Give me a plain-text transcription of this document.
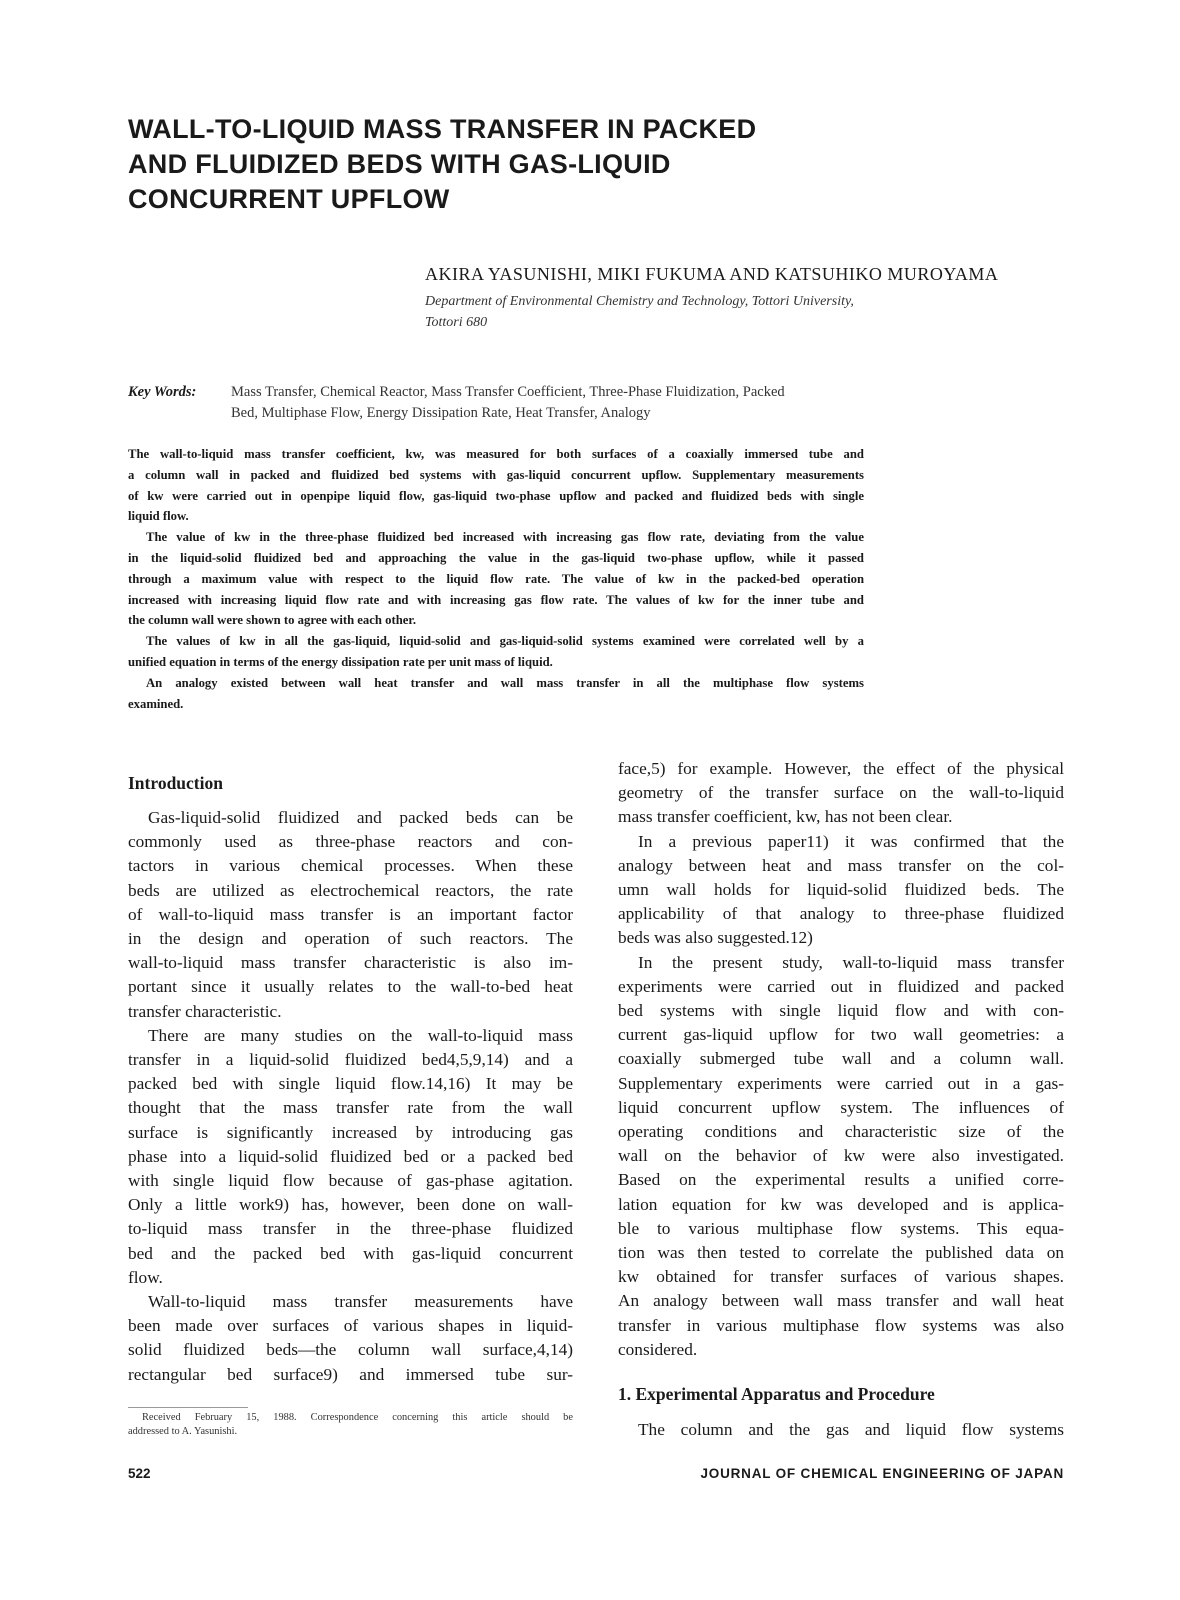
WALL-TO-LIQUID MASS TRANSFER IN PACKED
AND FLUIDIZED BEDS WITH GAS-LIQUID
CONCURRENT UPFLOW
AKIRA YASUNISHI, MIKI FUKUMA AND KATSUHIKO MUROYAMA
Department of Environmental Chemistry and Technology, Tottori University,
Tottori 680
Key Words: Mass Transfer, Chemical Reactor, Mass Transfer Coefficient, Three-Phase Fluidization, Packed
Bed, Multiphase Flow, Energy Dissipation Rate, Heat Transfer, Analogy
The wall-to-liquid mass transfer coefficient, kw, was measured for both surfaces of a coaxially immersed tube and
a column wall in packed and fluidized bed systems with gas-liquid concurrent upflow. Supplementary measurements
of kw were carried out in openpipe liquid flow, gas-liquid two-phase upflow and packed and fluidized beds with single
liquid flow.
The value of kw in the three-phase fluidized bed increased with increasing gas flow rate, deviating from the value
in the liquid-solid fluidized bed and approaching the value in the gas-liquid two-phase upflow, while it passed
through a maximum value with respect to the liquid flow rate. The value of kw in the packed-bed operation
increased with increasing liquid flow rate and with increasing gas flow rate. The values of kw for the inner tube and
the column wall were shown to agree with each other.
The values of kw in all the gas-liquid, liquid-solid and gas-liquid-solid systems examined were correlated well by a
unified equation in terms of the energy dissipation rate per unit mass of liquid.
An analogy existed between wall heat transfer and wall mass transfer in all the multiphase flow systems
examined.
Introduction
Gas-liquid-solid fluidized and packed beds can be
commonly used as three-phase reactors and con-
tactors in various chemical processes. When these
beds are utilized as electrochemical reactors, the rate
of wall-to-liquid mass transfer is an important factor
in the design and operation of such reactors. The
wall-to-liquid mass transfer characteristic is also im-
portant since it usually relates to the wall-to-bed heat
transfer characteristic.
There are many studies on the wall-to-liquid mass
transfer in a liquid-solid fluidized bed4,5,9,14) and a
packed bed with single liquid flow.14,16) It may be
thought that the mass transfer rate from the wall
surface is significantly increased by introducing gas
phase into a liquid-solid fluidized bed or a packed bed
with single liquid flow because of gas-phase agitation.
Only a little work9) has, however, been done on wall-
to-liquid mass transfer in the three-phase fluidized
bed and the packed bed with gas-liquid concurrent
flow.
Wall-to-liquid mass transfer measurements have
been made over surfaces of various shapes in liquid-
solid fluidized beds—the column wall surface,4,14)
rectangular bed surface9) and immersed tube sur-
face,5) for example. However, the effect of the physical
geometry of the transfer surface on the wall-to-liquid
mass transfer coefficient, kw, has not been clear.
In a previous paper11) it was confirmed that the
analogy between heat and mass transfer on the col-
umn wall holds for liquid-solid fluidized beds. The
applicability of that analogy to three-phase fluidized
beds was also suggested.12)
In the present study, wall-to-liquid mass transfer
experiments were carried out in fluidized and packed
bed systems with single liquid flow and with con-
current gas-liquid upflow for two wall geometries: a
coaxially submerged tube wall and a column wall.
Supplementary experiments were carried out in a gas-
liquid concurrent upflow system. The influences of
operating conditions and characteristic size of the
wall on the behavior of kw were also investigated.
Based on the experimental results a unified corre-
lation equation for kw was developed and is applica-
ble to various multiphase flow systems. This equa-
tion was then tested to correlate the published data on
kw obtained for transfer surfaces of various shapes.
An analogy between wall mass transfer and wall heat
transfer in various multiphase flow systems was also
considered.
1. Experimental Apparatus and Procedure
The column and the gas and liquid flow systems
Received February 15, 1988. Correspondence concerning this article should be
addressed to A. Yasunishi.
522	JOURNAL OF CHEMICAL ENGINEERING OF JAPAN
